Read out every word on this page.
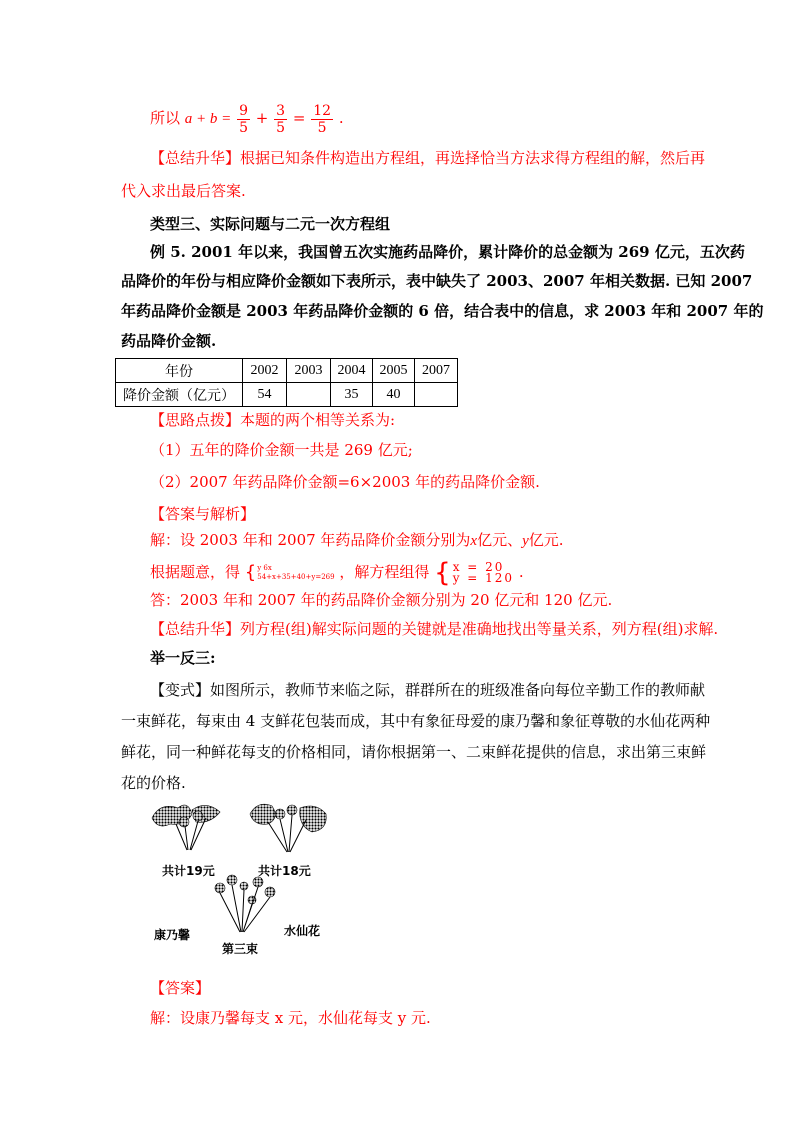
所以 $a + b = \frac{9}{5} + \frac{3}{5} = \frac{12}{5}$ .
【总结升华】根据已知条件构造出方程组，再选择恰当方法求得方程组的解，然后再
代入求出最后答案.
类型三、实际问题与二元一次方程组
例 5. 2001 年以来，我国曾五次实施药品降价，累计降价的总金额为 269 亿元，五次药
品降价的年份与相应降价金额如下表所示，表中缺失了 2003、2007 年相关数据. 已知 2007
年药品降价金额是 2003 年药品降价金额的 6 倍，结合表中的信息，求 2003 年和 2007 年的
药品降价金额.
年份	2002	2003	2004	2005	2007
降价金额（亿元）	54		35	40	
【思路点拨】本题的两个相等关系为:
（1）五年的降价金额一共是 269 亿元;
（2）2007 年药品降价金额=6×2003 年的药品降价金额.
【答案与解析】
解：设 2003 年和 2007 年药品降价金额分别为x亿元、y亿元.
根据题意，得 { y 6x
54+x+35+40+y=269 ，解方程组得 { x = 20
y = 120 .
答：2003 年和 2007 年的药品降价金额分别为 20 亿元和 120 亿元.
【总结升华】列方程(组)解实际问题的关键就是准确地找出等量关系，列方程(组)求解.
举一反三:
【变式】如图所示，教师节来临之际，群群所在的班级准备向每位辛勤工作的教师献
一束鲜花，每束由 4 支鲜花包装而成，其中有象征母爱的康乃馨和象征尊敬的水仙花两种
鲜花，同一种鲜花每支的价格相同，请你根据第一、二束鲜花提供的信息，求出第三束鲜
花的价格.
共计19元	共计18元
康乃馨	水仙花
第三束
【答案】
解：设康乃馨每支 x 元，水仙花每支 y 元.
